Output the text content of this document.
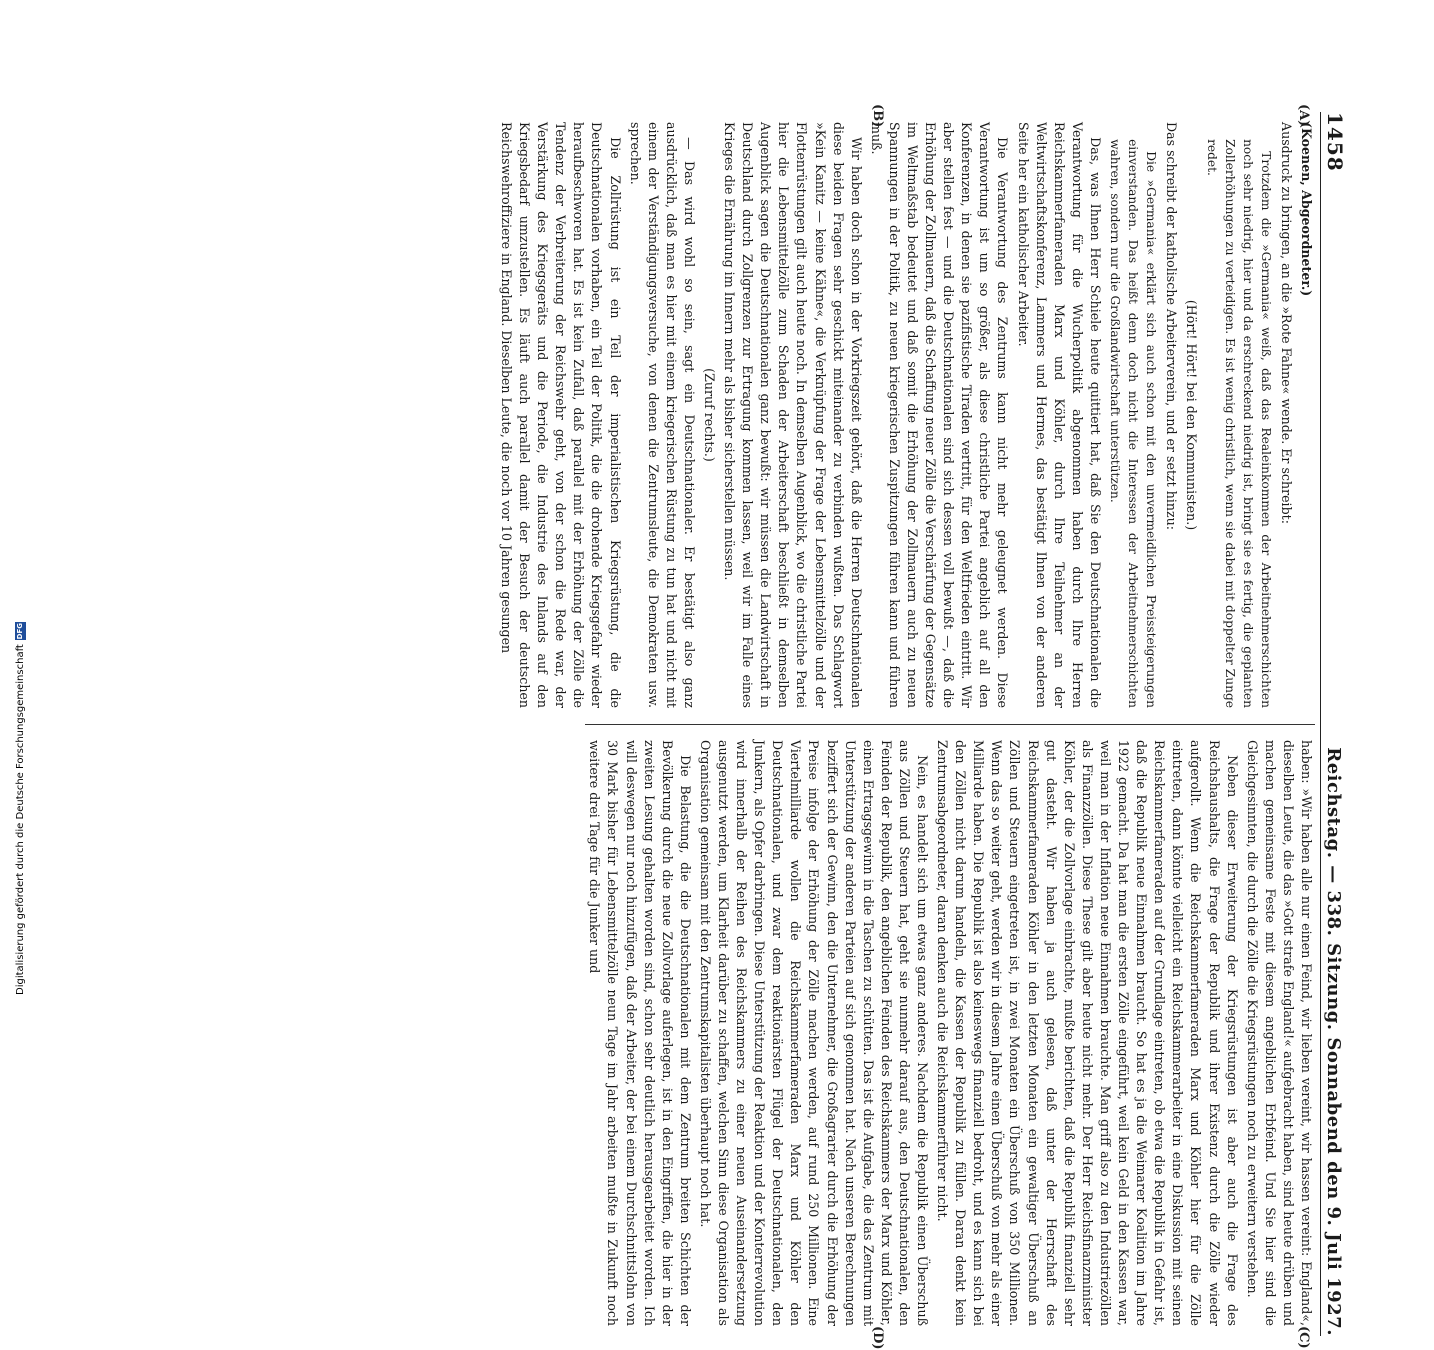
1458
Reichstag. — 338. Sitzung. Sonnabend den 9. Juli 1927.
(A)
(B)
(C)
(D)

(Koenen, Abgeordneter.)

Ausdruck zu bringen, an die »Rote Fahne« wende. Er schreibt:

Trotzdem die »Germania« weiß, daß das Realeinkommen der Arbeitnehmerschichten noch sehr niedrig, hier und da erschreckend niedrig ist, bringt sie es fertig, die geplanten Zollerhöhungen zu verteidigen. Es ist wenig christlich, wenn sie dabei mit doppelter Zunge redet.

(Hört! Hört! bei den Kommunisten.)

Das schreibt der katholische Arbeiterverein, und er setzt hinzu:

Die »Germania« erklärt sich auch schon mit den unvermeidlichen Preissteigerungen einverstanden. Das heißt denn doch nicht die Interessen der Arbeitnehmerschichten wahren, sondern nur die Großlandwirtschaft unterstützen.

Das, was Ihnen Herr Schiele heute quittiert hat, daß Sie den Deutschnationalen die Verantwortung für die Wucherpolitik abgenommen haben durch Ihre Herren Reichskammerfameraden Marx und Köhler, durch Ihre Teilnehmer an der Weltwirtschaftskonferenz, Lammers und Hermes, das bestätigt Ihnen von der anderen Seite her ein katholischer Arbeiter.

Die Verantwortung des Zentrums kann nicht mehr geleugnet werden. Diese Verantwortung ist um so größer, als diese christliche Partei angeblich auf all den Konferenzen, in denen sie pazifistische Tiraden vertritt, für den Weltfrieden eintritt. Wir aber stellen fest — und die Deutschnationalen sind sich dessen voll bewußt —, daß die Erhöhung der Zollmauern, daß die Schaffung neuer Zölle die Verschärfung der Gegensätze im Weltmaßstab bedeutet und daß somit die Erhöhung der Zollmauern auch zu neuen Spannungen in der Politik, zu neuen kriegerischen Zuspitzungen führen kann und führen muß.

Wir haben doch schon in der Vorkriegszeit gehört, daß die Herren Deutschnationalen diese beiden Fragen sehr geschickt miteinander zu verbinden wußten. Das Schlagwort »Kein Kanitz — keine Kähne«, die Verknüpfung der Frage der Lebensmittelzölle und der Flottenrüstungen gilt auch heute noch. In demselben Augenblick, wo die christliche Partei hier die Lebensmittelzölle zum Schaden der Arbeiterschaft beschließt in demselben Augenblick sagen die Deutschnationalen ganz bewußt: wir müssen die Landwirtschaft in Deutschland durch Zollgrenzen zur Ertragung kommen lassen, weil wir im Falle eines Krieges die Ernährung im Innern mehr als bisher sicherstellen müssen.

(Zuruf rechts.)

— Das wird wohl so sein, sagt ein Deutschnationaler. Er bestätigt also ganz ausdrücklich, daß man es hier mit einem kriegerischen Rüstung zu tun hat und nicht mit einem der Verständigungsversuche, von denen die Zentrumsleute, die Demokraten usw. sprechen.

Die Zollrüstung ist ein Teil der imperialistischen Kriegsrüstung, die die Deutschnationalen vorhaben, ein Teil der Politik, die die drohende Kriegsgefahr wieder heraufbeschworen hat. Es ist kein Zufall, daß parallel mit der Erhöhung der Zölle die Tendenz der Verbreiterung der Reichswehr geht, von der schon die Rede war, der Verstärkung des Kriegsgeräts und die Periode, die Industrie des Inlands auf den Kriegsbedarf umzustellen. Es läuft auch parallel damit der Besuch der deutschen Reichswehroffiziere in England. Dieselben Leute, die noch vor 10 Jahren gesungen

haben: »Wir haben alle nur einen Feind, wir lieben vereint, wir hassen vereint: England«, dieselben Leute, die das »Gott strafe England!« aufgebracht haben, sind heute drüben und machen gemeinsame Feste mit diesem angeblichen Erbfeind. Und Sie hier sind die Gleichgesinnten, die durch die Zölle die Kriegsrüstungen noch zu erweitern verstehen.

Neben dieser Erweiterung der Kriegsrüstungen ist aber auch die Frage des Reichshaushalts, die Frage der Republik und ihrer Existenz durch die Zölle wieder aufgerollt. Wenn die Reichskammerfameraden Marx und Köhler hier für die Zölle eintreten, dann könnte vielleicht ein Reichskammerarbeiter in eine Diskussion mit seinen Reichskammerfameraden auf der Grundlage eintreten, ob etwa die Republik in Gefahr ist, daß die Republik neue Einnahmen braucht. So hat es ja die Weimarer Koalition im Jahre 1922 gemacht. Da hat man die ersten Zölle eingeführt, weil kein Geld in den Kassen war, weil man in der Inflation neue Einnahmen brauchte. Man griff also zu den Industriezöllen als Finanzzöllen. Diese These gilt aber heute nicht mehr. Der Herr Reichsfinanzminister Köhler, der die Zollvorlage einbrachte, mußte berichten, daß die Republik finanziell sehr gut dasteht. Wir haben ja auch gelesen, daß unter der Herrschaft des Reichskammerfameraden Köhler in den letzten Monaten ein gewaltiger Überschuß an Zöllen und Steuern eingetreten ist, in zwei Monaten ein Überschuß von 350 Millionen. Wenn das so weiter geht, werden wir in diesem Jahre einen Überschuß von mehr als einer Milliarde haben. Die Republik ist also keineswegs finanziell bedroht, und es kann sich bei den Zöllen nicht darum handeln, die Kassen der Republik zu füllen. Daran denkt kein Zentrumsabgeordneter, daran denken auch die Reichskammerführer nicht.

Nein, es handelt sich um etwas ganz anderes. Nachdem die Republik einen Überschuß aus Zöllen und Steuern hat, geht sie nunmehr darauf aus, den Deutschnationalen, den Feinden der Republik, den angeblichen Feinden des Reichskammers der Marx und Köhler, einen Ertragsgewinn in die Taschen zu schütten. Das ist die Aufgabe, die das Zentrum mit Unterstützung der anderen Parteien auf sich genommen hat. Nach unseren Berechnungen beziffert sich der Gewinn, den die Unternehmer, die Großagrarier durch die Erhöhung der Preise infolge der Erhöhung der Zölle machen werden, auf rund 250 Millionen. Eine Viertelmilliarde wollen die Reichskammerfameraden Marx und Köhler den Deutschnationalen, und zwar dem reaktionärsten Flügel der Deutschnationalen, den Junkern, als Opfer darbringen. Diese Unterstützung der Reaktion und der Konterrevolution wird innerhalb der Reihen des Reichskammers zu einer neuen Auseinandersetzung ausgenutzt werden, um Klarheit darüber zu schaffen, welchen Sinn diese Organisation als Organisation gemeinsam mit den Zentrumskapitalisten überhaupt noch hat.

Die Belastung, die die Deutschnationalen mit dem Zentrum breiten Schichten der Bevölkerung durch die neue Zollvorlage auferlegen, ist in den Eingriffen, die hier in der zweiten Lesung gehalten worden sind, schon sehr deutlich herausgearbeitet worden. Ich will deswegen nur noch hinzufügen, daß der Arbeiter, der bei einem Durchschnittslohn von 30 Mark bisher für Lebensmittelzölle neun Tage im Jahr arbeiten mußte in Zukunft noch weitere drei Tage für die Junker und

Digitalisierung gefördert durch die Deutsche Forschungsgemeinschaft
DFG
